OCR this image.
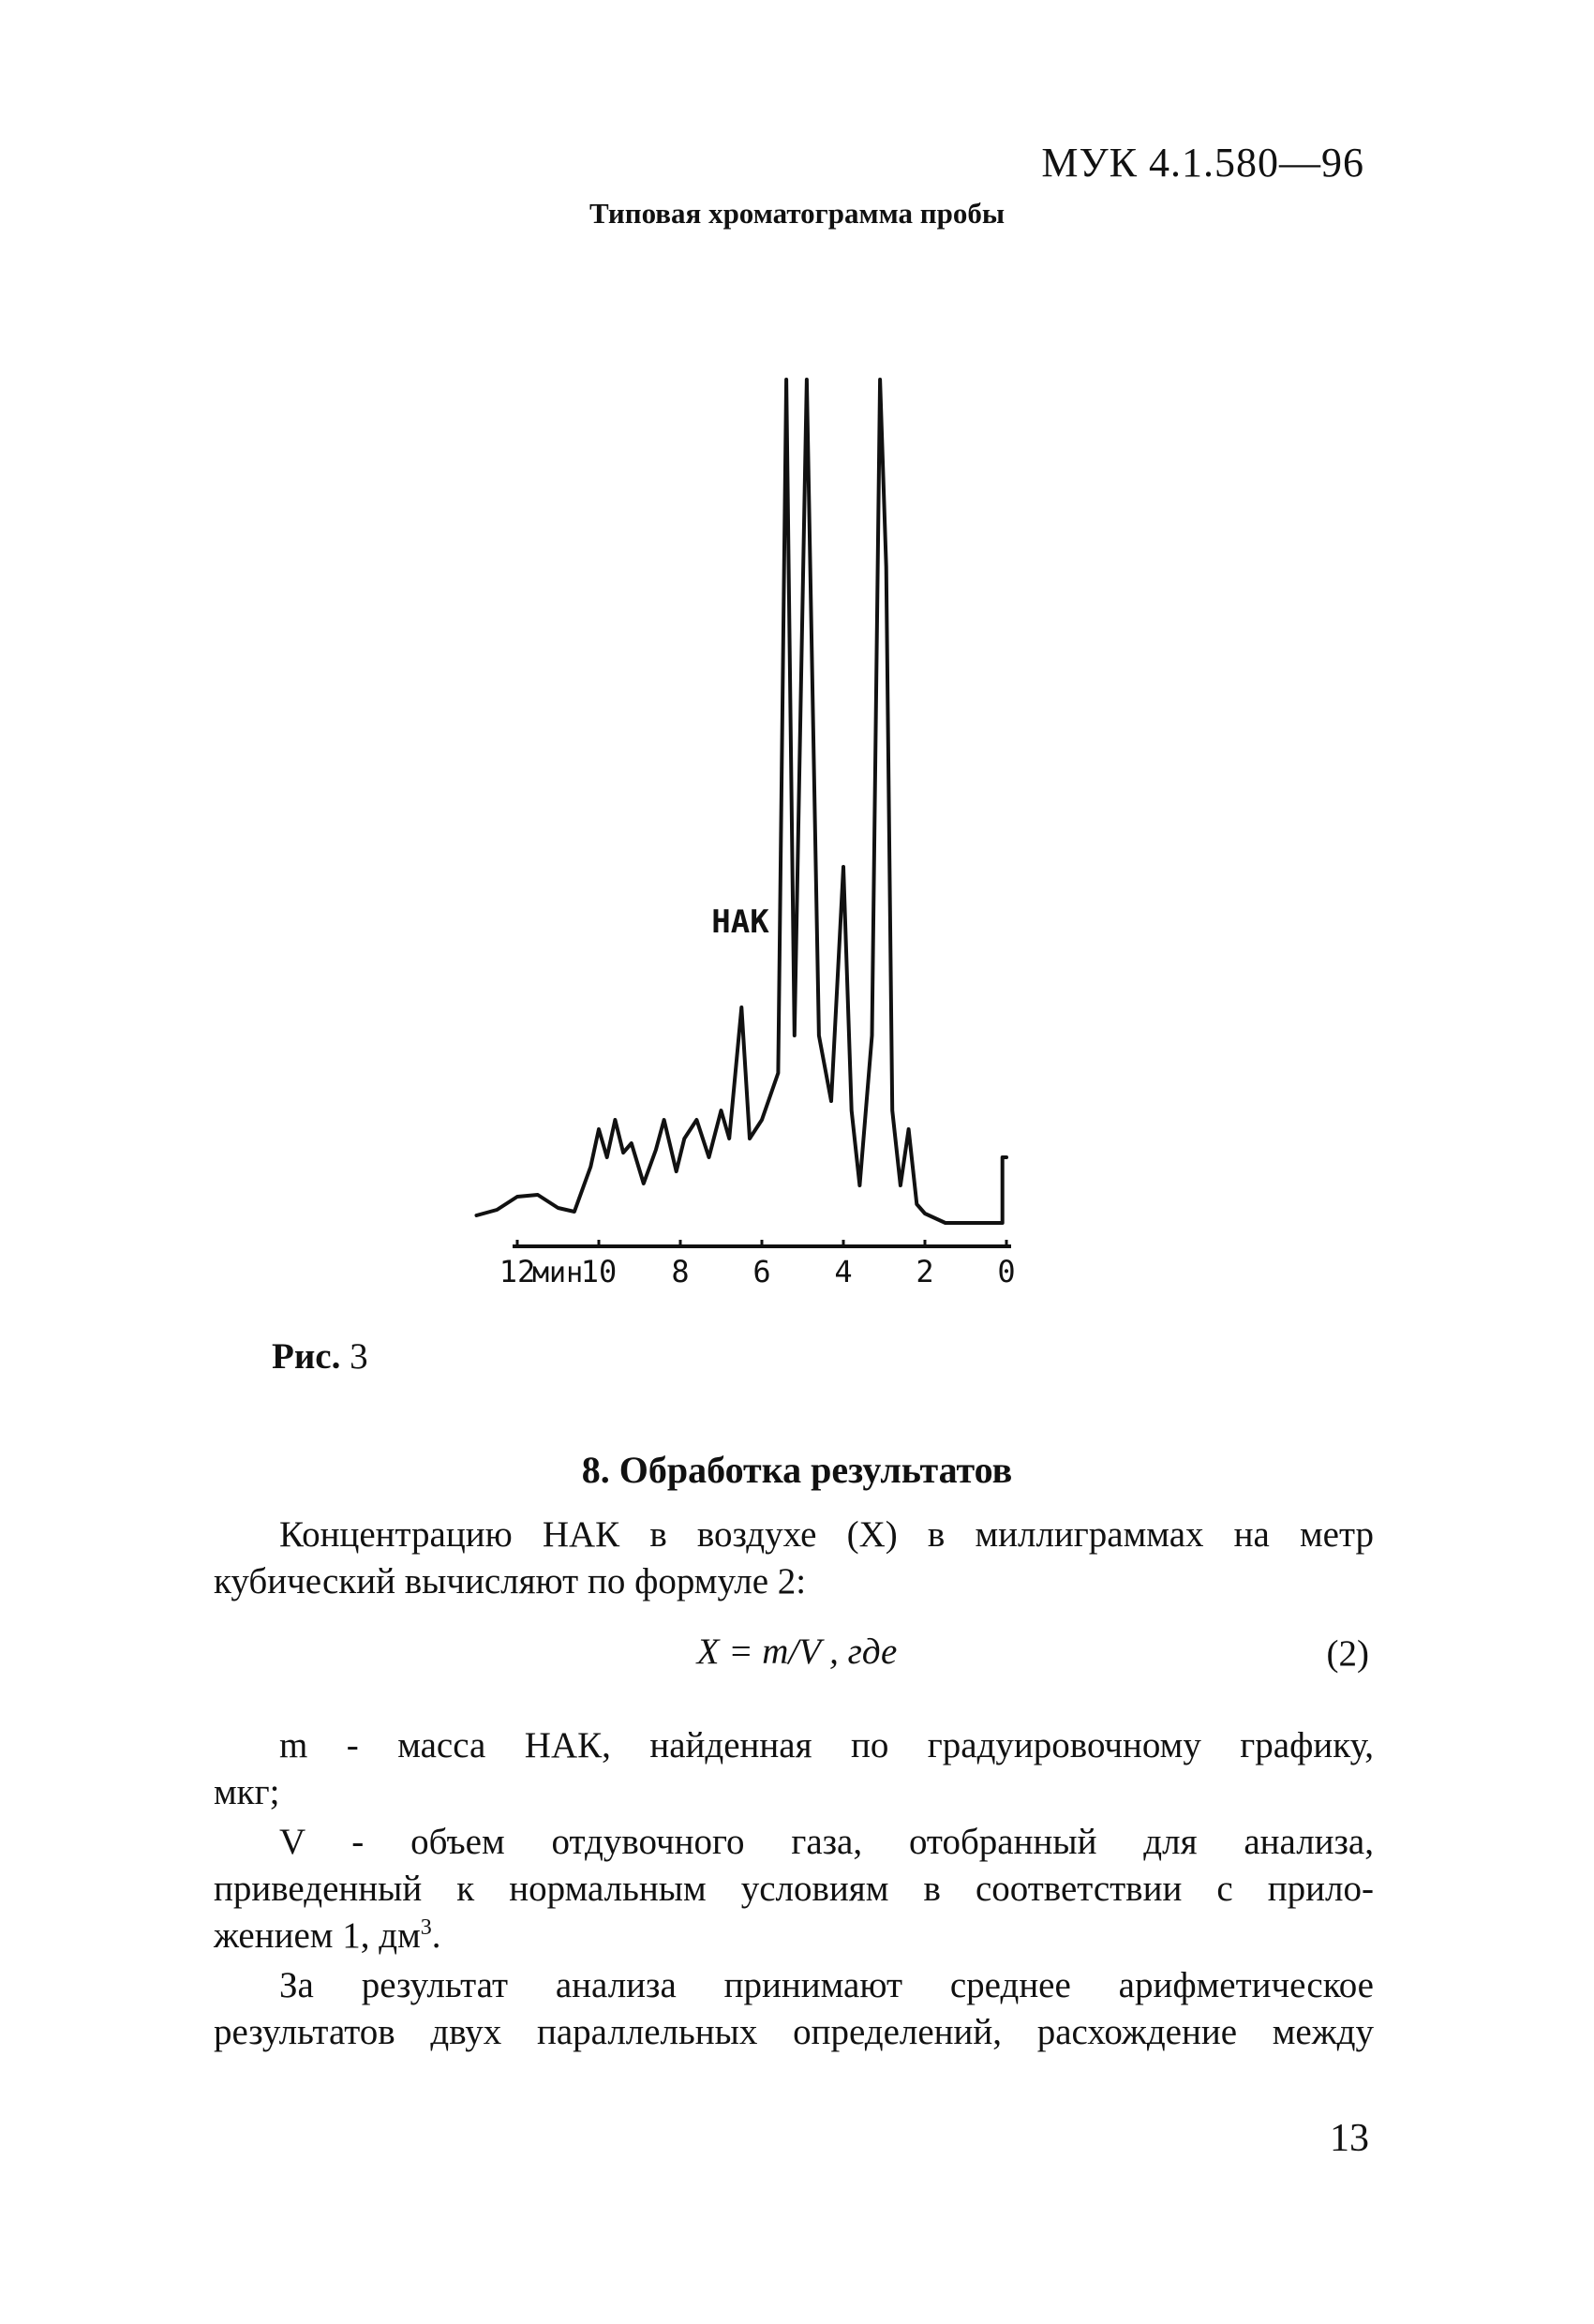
МУК 4.1.580—96
Типовая хроматограмма пробы
12 10 8 6 4 2 0
мин
НАК
Рис. 3
8. Обработка результатов
Концентрацию НАК в воздухе (X) в миллиграммах на метр
кубический вычисляют по формуле 2:
X = m/V , где	(2)
m - масса НАК, найденная по градуировочному графику,
мкг;
V - объем отдувочного газа, отобранный для анализа,
приведенный к нормальным условиям в соответствии с прило-
жением 1, $дм^3$.
За результат анализа принимают среднее арифметическое
результатов двух параллельных определений, расхождение между
13
